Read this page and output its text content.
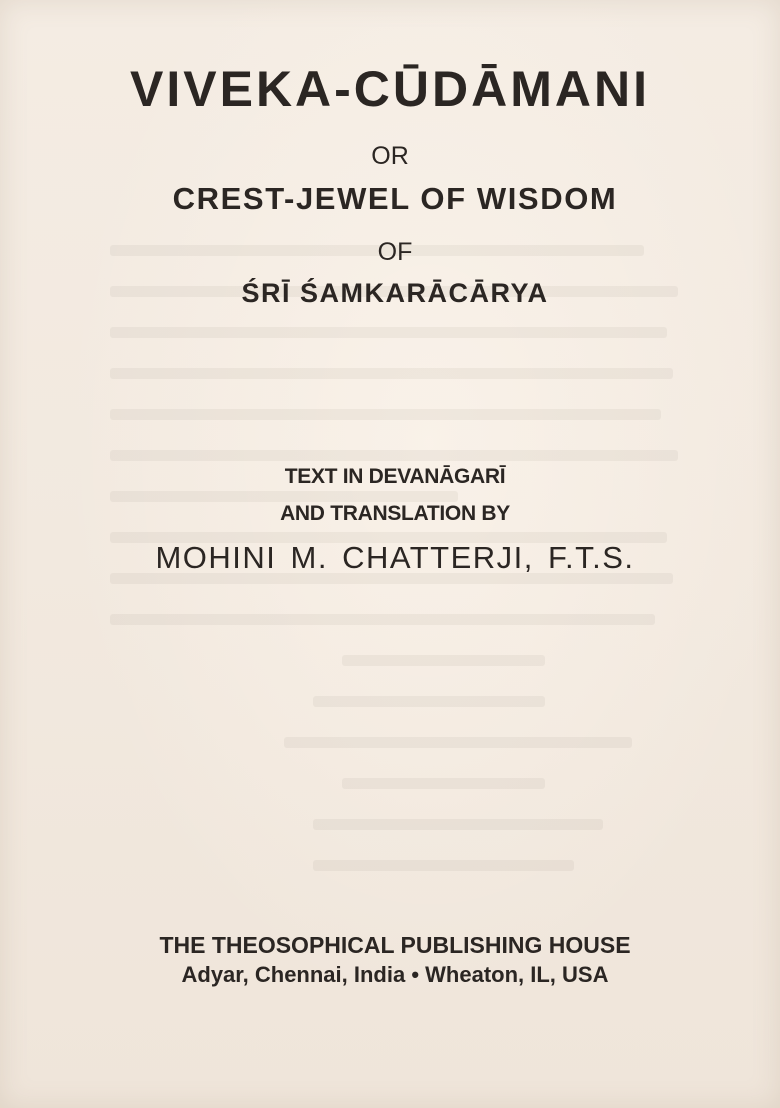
VIVEKA-CŪDĀMANI
OR
CREST-JEWEL OF WISDOM
OF
ŚRĪ ŚAMKARĀCĀRYA
TEXT IN DEVANĀGARĪ
AND TRANSLATION BY
MOHINI M. CHATTERJI, F.T.S.
THE THEOSOPHICAL PUBLISHING HOUSE
Adyar, Chennai, India • Wheaton, IL, USA
